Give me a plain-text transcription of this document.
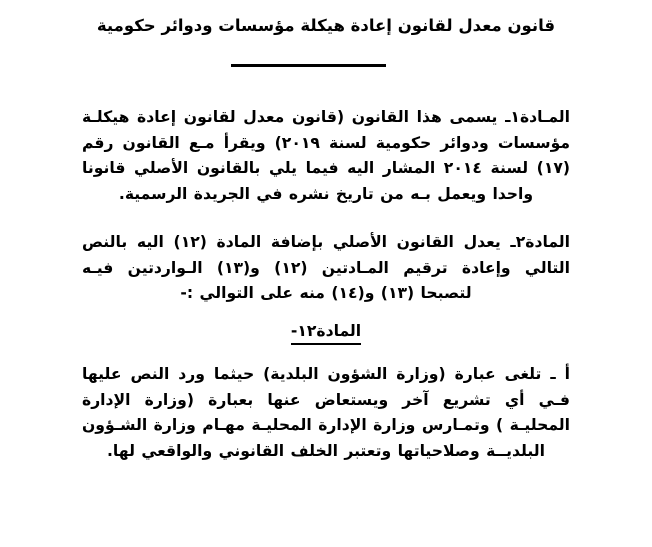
قانون معدل لقانون إعادة هيكلة مؤسسات ودوائر حكومية
المـادة١ـ يسمى هذا القانون (قانون معدل لقانون إعادة هيكلـة مؤسسات ودوائر حكومية لسنة ٢٠١٩) ويقرأ مـع القانون رقم (١٧) لسنة ٢٠١٤ المشار اليه فيما يلي بالقانون الأصلي قانونا واحدا ويعمل بـه من تاريخ نشره في الجريدة الرسمية.
المادة٢ـ يعدل القانون الأصلي بإضافة المادة (١٢) اليه بالنص التالي وإعادة ترقيم المـادتين (١٢) و(١٣) الـواردتين فيـه لتصبحا (١٣) و(١٤) منه على التوالي :-
المادة١٢-
أ ـ تلغى عبارة (وزارة الشؤون البلدية) حيثما ورد النص عليها فـي أي تشريع آخر ويستعاض عنها بعبارة (وزارة الإدارة المحليـة ) وتمـارس وزارة الإدارة المحليـة مهـام وزارة الشـؤون البلديــة وصلاحياتها وتعتبر الخلف القانوني والواقعي لها.
